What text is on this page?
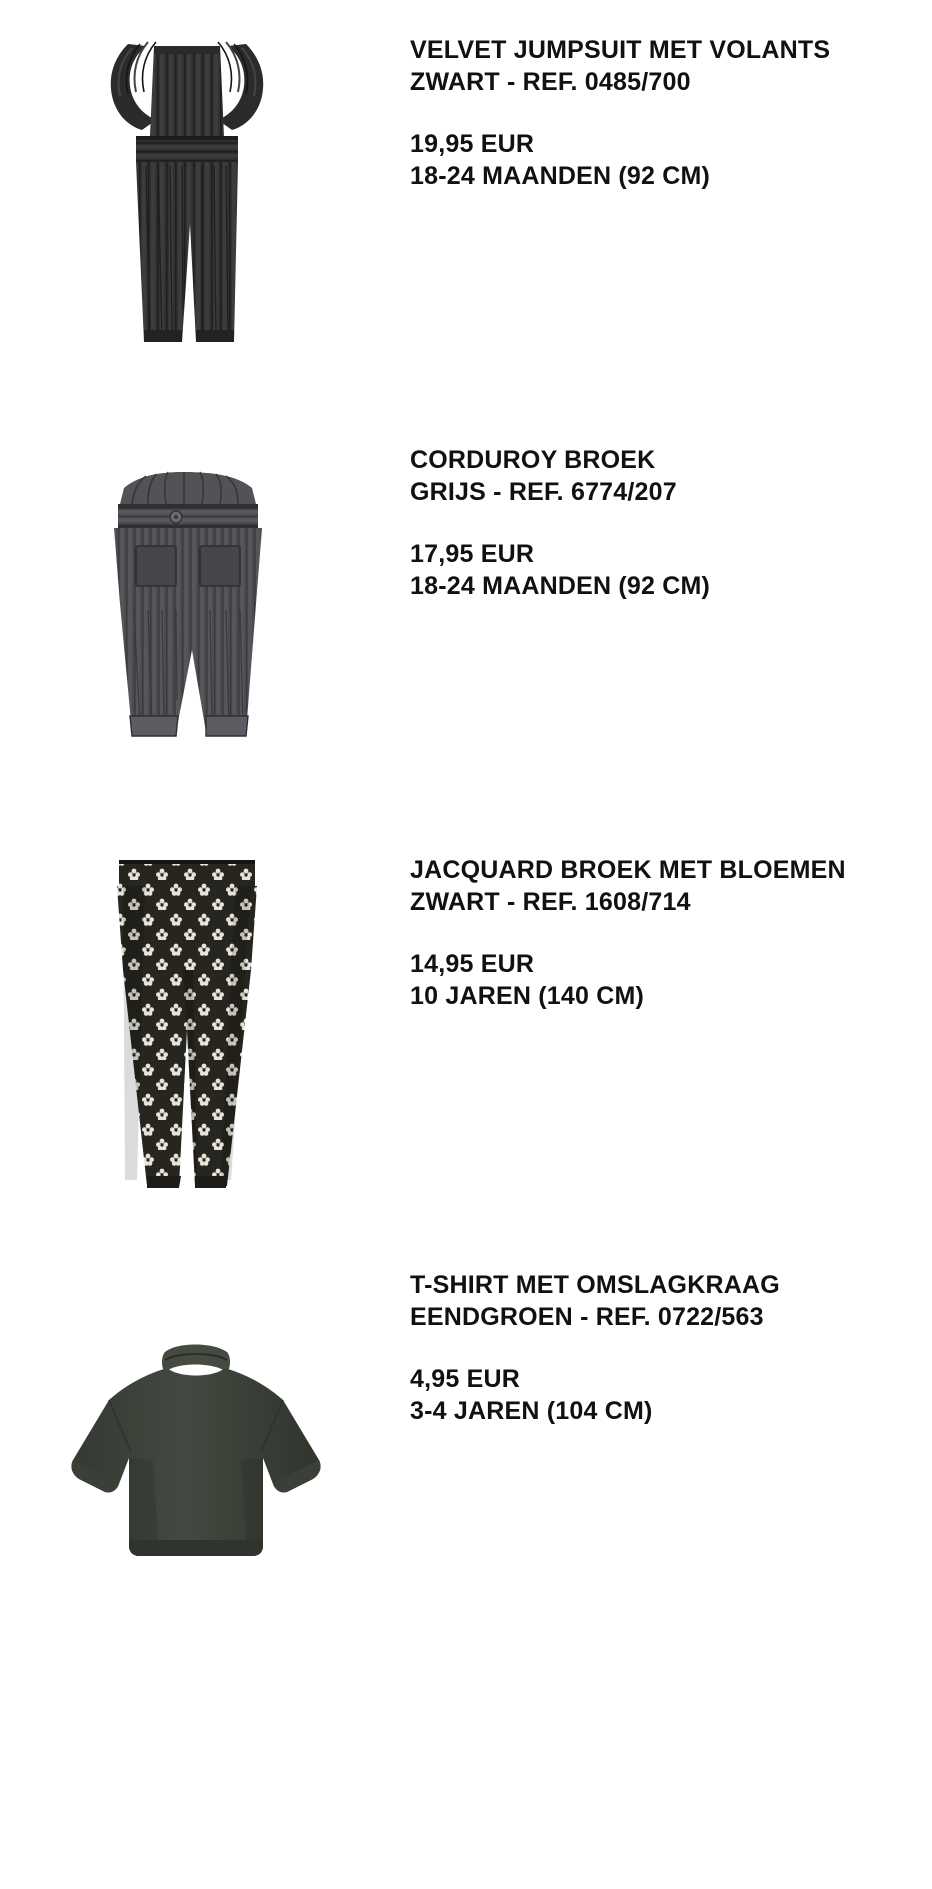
VELVET JUMPSUIT MET VOLANTS
ZWART - REF. 0485/700
19,95 EUR
18-24 MAANDEN (92 CM)
CORDUROY BROEK
GRIJS - REF. 6774/207
17,95 EUR
18-24 MAANDEN (92 CM)
JACQUARD BROEK MET BLOEMEN
ZWART - REF. 1608/714
14,95 EUR
10 JAREN (140 CM)
T-SHIRT MET OMSLAGKRAAG
EENDGROEN - REF. 0722/563
4,95 EUR
3-4 JAREN (104 CM)
